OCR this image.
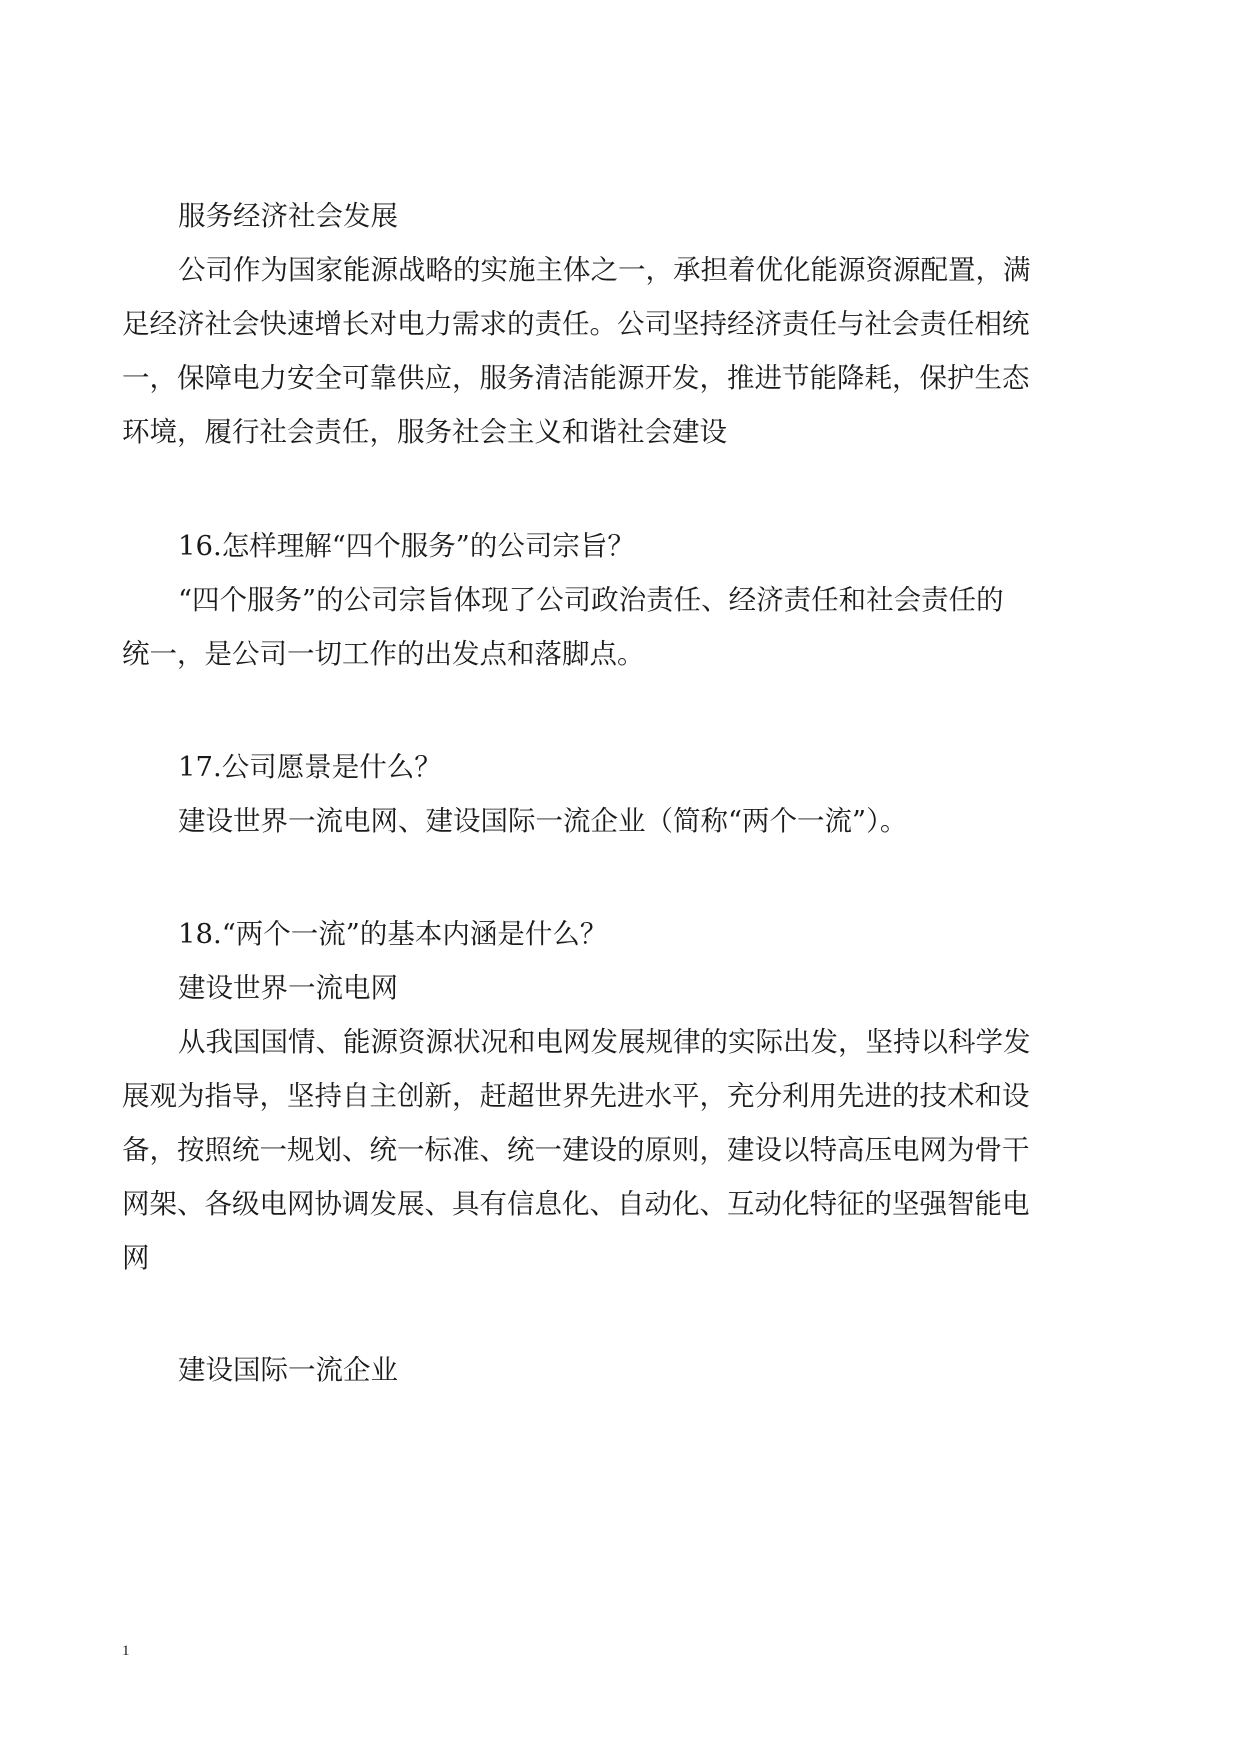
服务经济社会发展
公司作为国家能源战略的实施主体之一，承担着优化能源资源配置，满
足经济社会快速增长对电力需求的责任。公司坚持经济责任与社会责任相统
一，保障电力安全可靠供应，服务清洁能源开发，推进节能降耗，保护生态
环境，履行社会责任，服务社会主义和谐社会建设
16.怎样理解“四个服务”的公司宗旨？
“四个服务”的公司宗旨体现了公司政治责任、经济责任和社会责任的
统一，是公司一切工作的出发点和落脚点。
17.公司愿景是什么？
建设世界一流电网、建设国际一流企业（简称“两个一流”）。
18.“两个一流”的基本内涵是什么？
建设世界一流电网
从我国国情、能源资源状况和电网发展规律的实际出发，坚持以科学发
展观为指导，坚持自主创新，赶超世界先进水平，充分利用先进的技术和设
备，按照统一规划、统一标准、统一建设的原则，建设以特高压电网为骨干
网架、各级电网协调发展、具有信息化、自动化、互动化特征的坚强智能电
网
建设国际一流企业
1
